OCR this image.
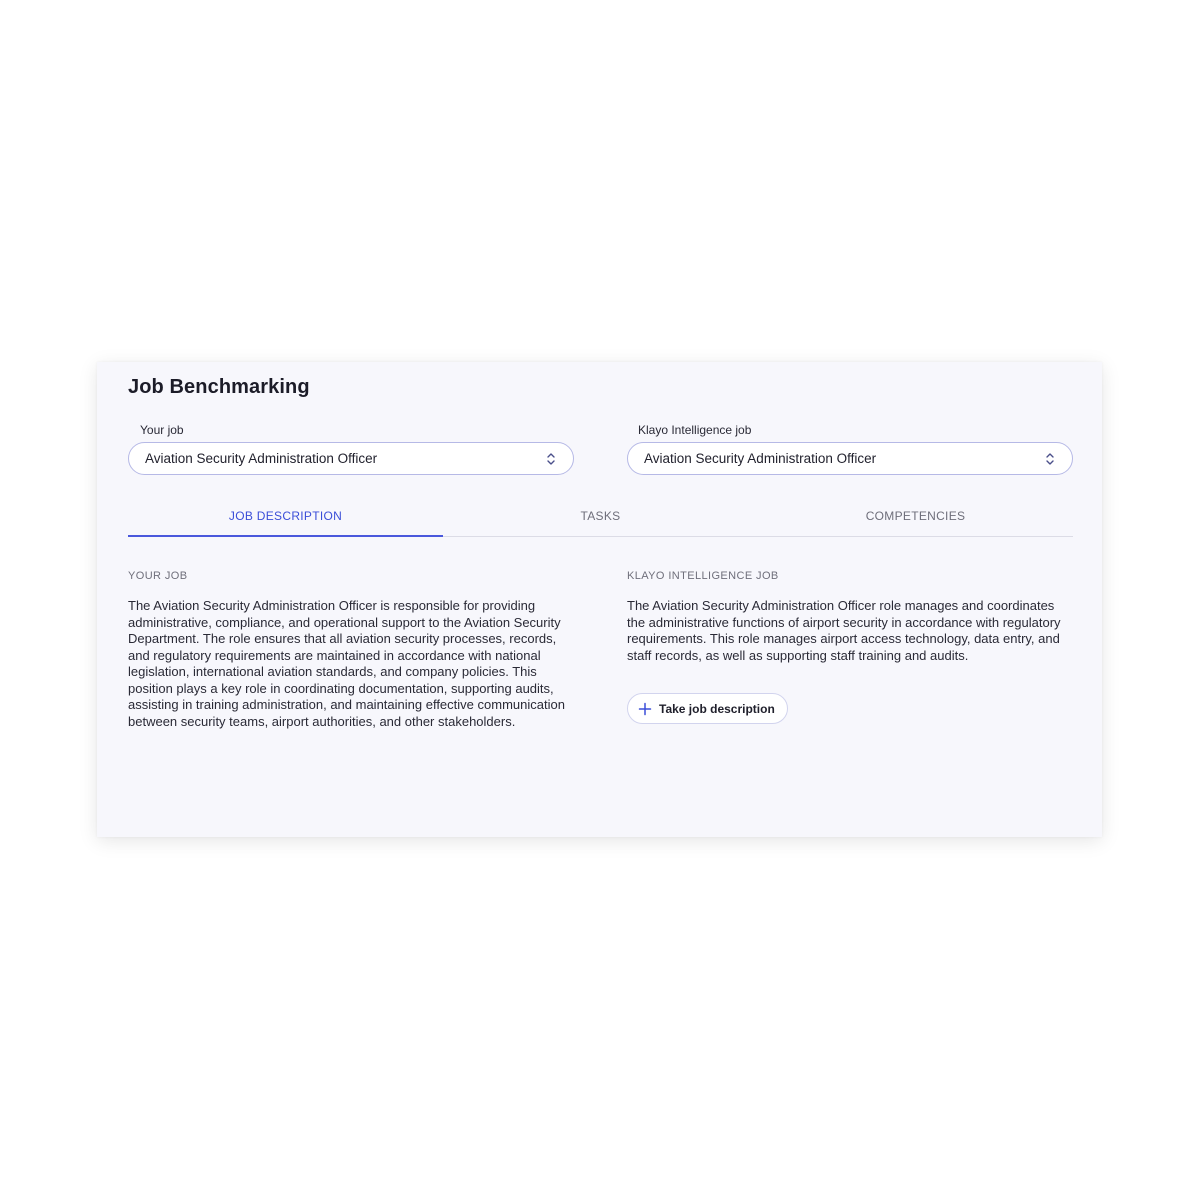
Job Benchmarking
Your job
Aviation Security Administration Officer
Klayo Intelligence job
Aviation Security Administration Officer
JOB DESCRIPTION	TASKS	COMPETENCIES
YOUR JOB

The Aviation Security Administration Officer is responsible for providing administrative, compliance, and operational support to the Aviation Security Department. The role ensures that all aviation security processes, records, and regulatory requirements are maintained in accordance with national legislation, international aviation standards, and company policies. This position plays a key role in coordinating documentation, supporting audits, assisting in training administration, and maintaining effective communication between security teams, airport authorities, and other stakeholders.

KLAYO INTELLIGENCE JOB

The Aviation Security Administration Officer role manages and coordinates the administrative functions of airport security in accordance with regulatory requirements. This role manages airport access technology, data entry, and staff records, as well as supporting staff training and audits.

Take job description
